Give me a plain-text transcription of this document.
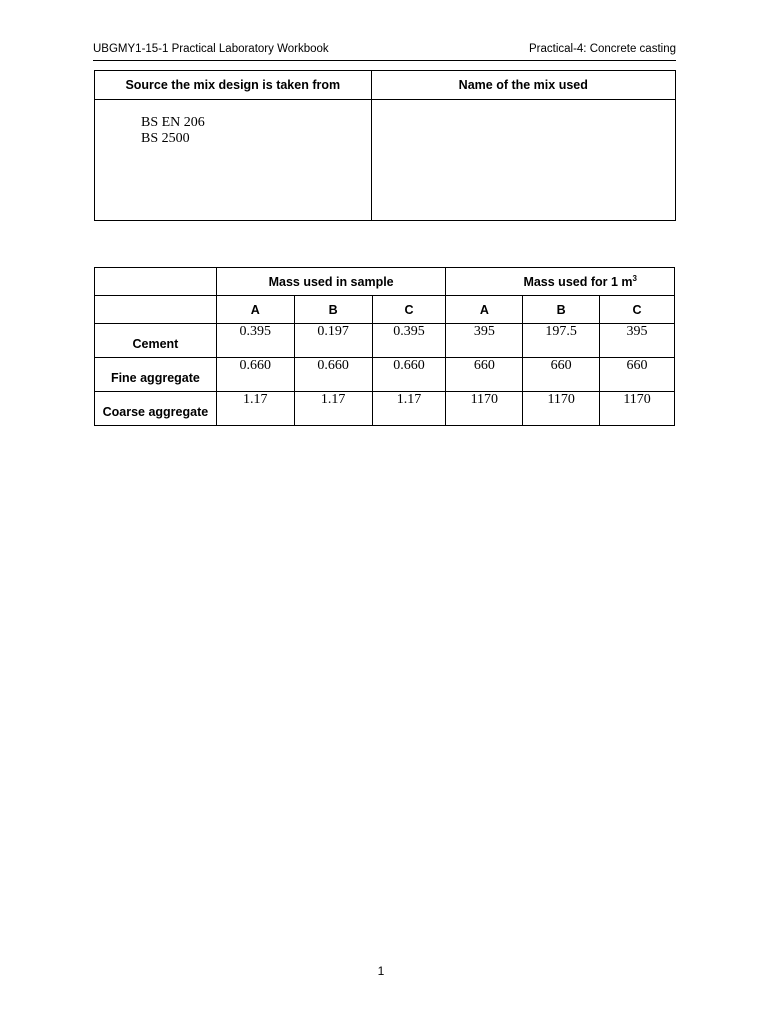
UBGMY1-15-1 Practical Laboratory Workbook	Practical-4: Concrete casting
Source the mix design is taken from	Name of the mix used

BS EN 206
BS 2500	

	Mass used in sample			Mass used for 1 $m^3$
	A	B	C	A	B	C
Cement	0.395	0.197	0.395	395	197.5	395
Fine aggregate	0.660	0.660	0.660	660	660	660
Coarse aggregate	1.17	1.17	1.17	1170	1170	1170
1
